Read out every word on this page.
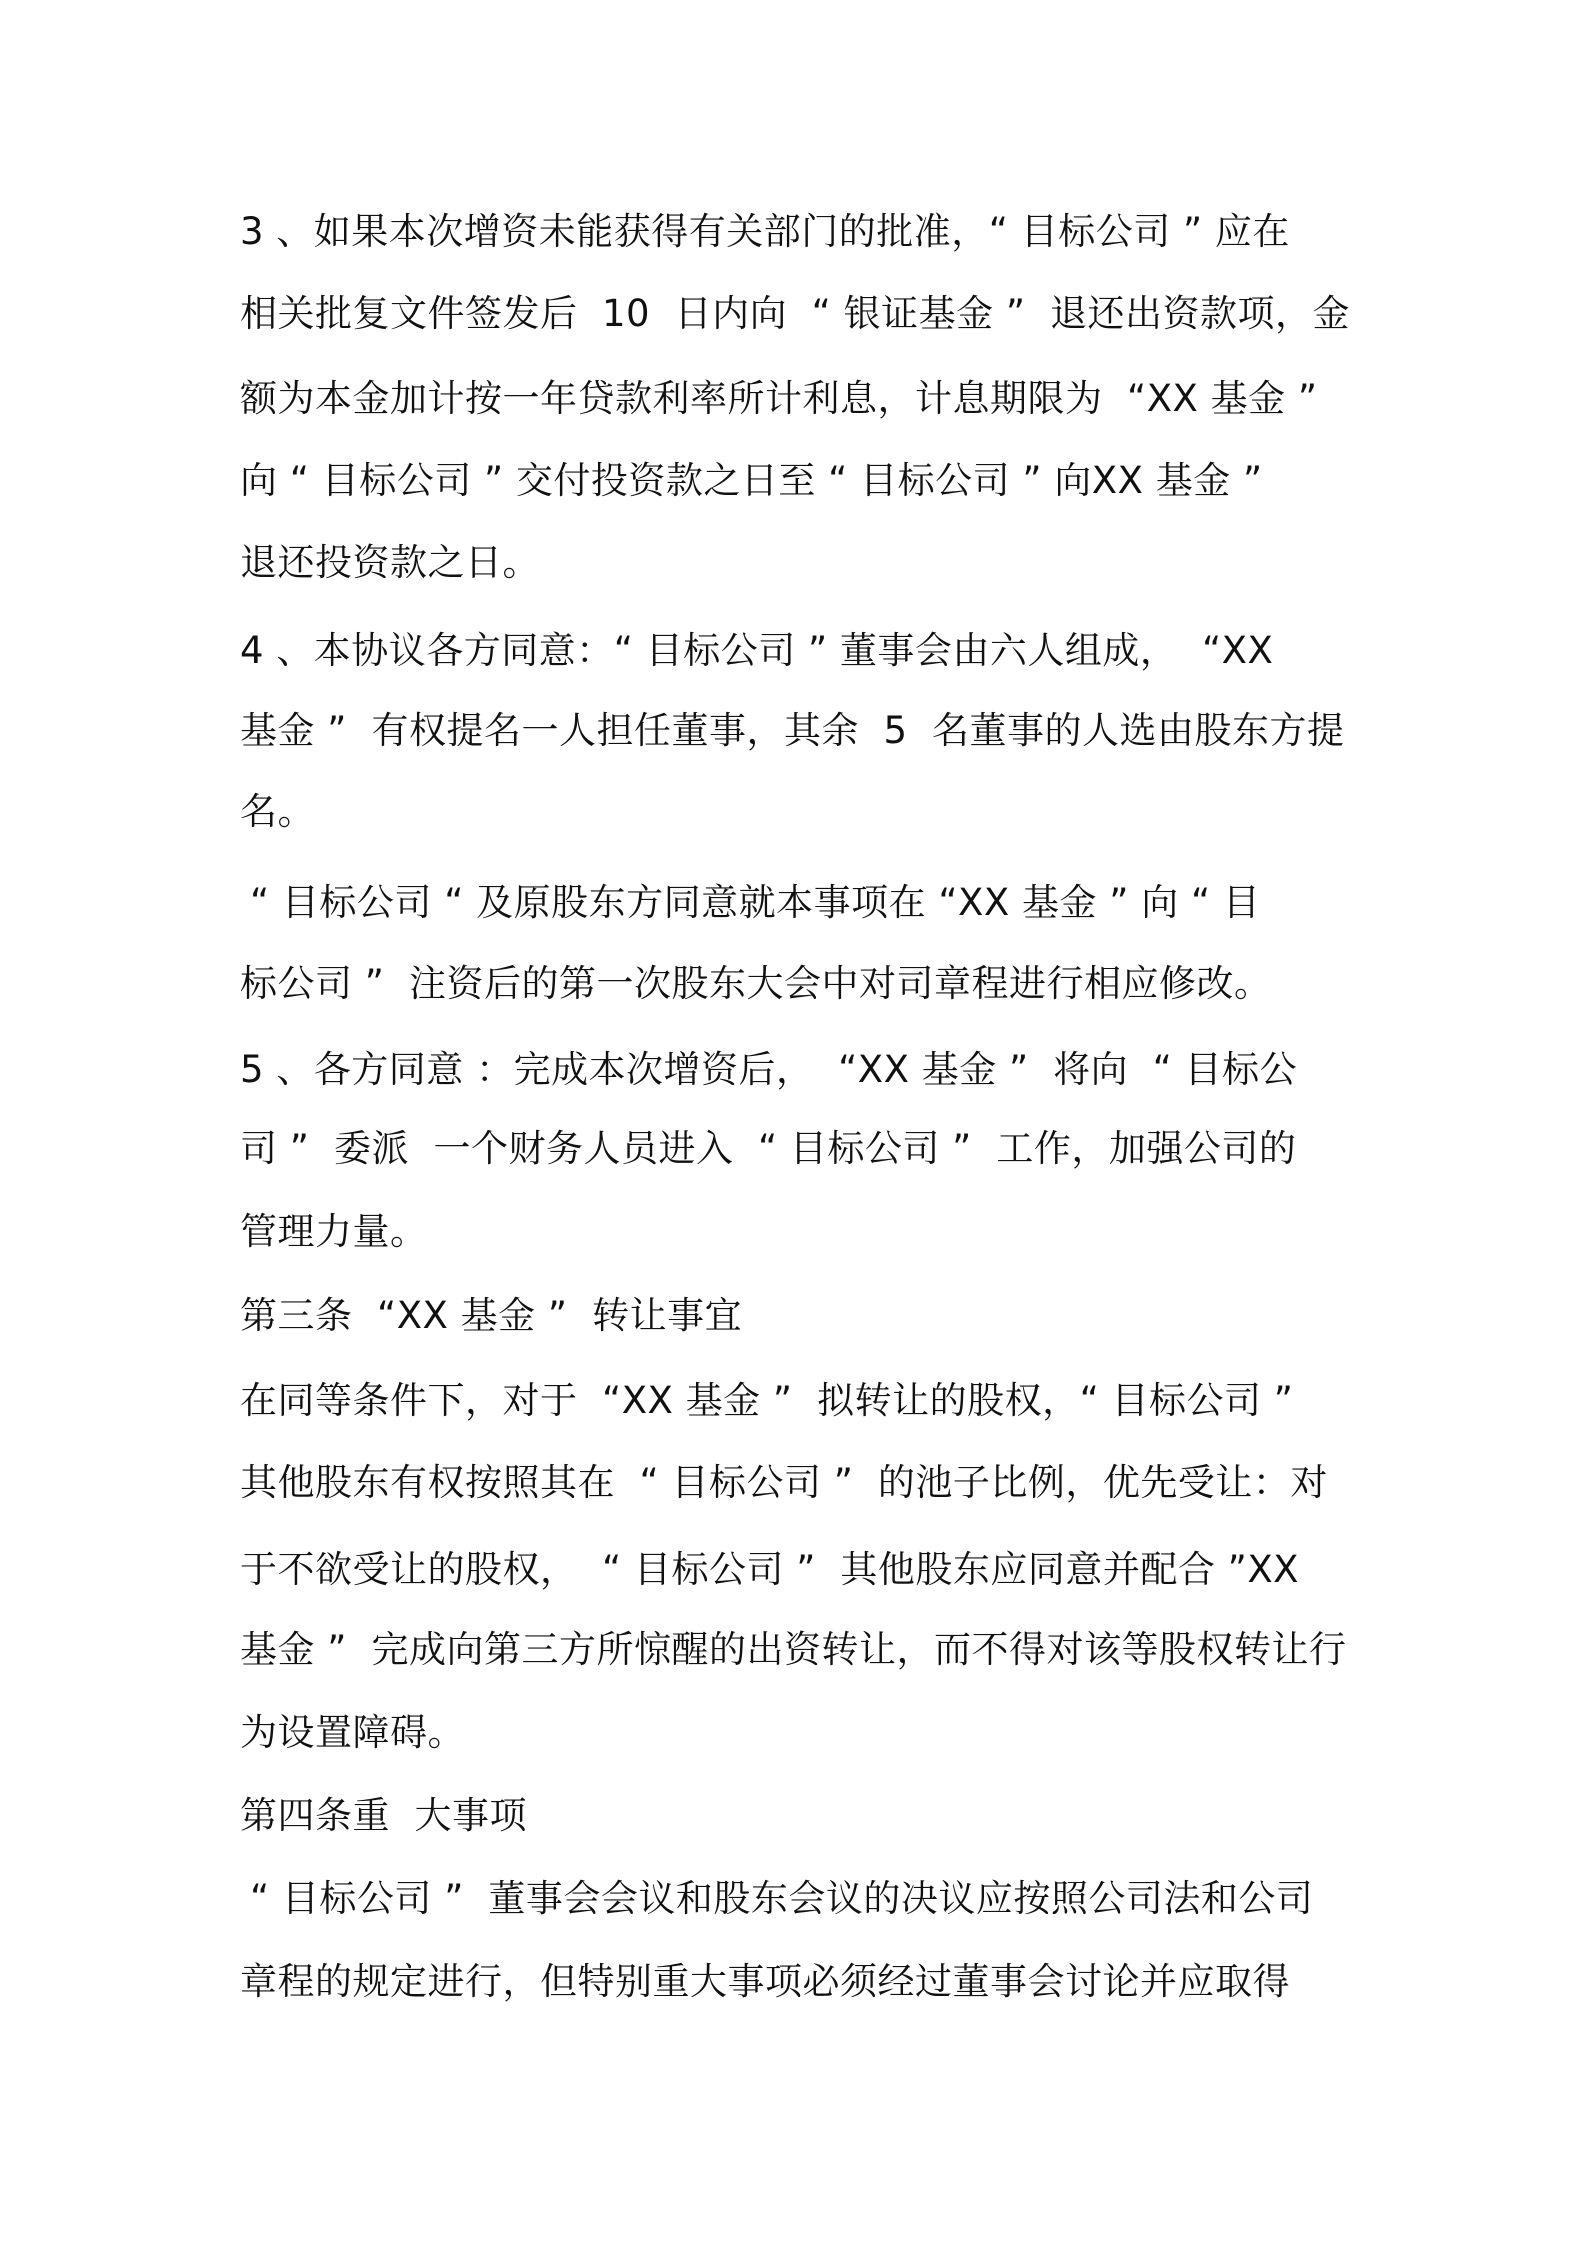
3 、如果本次增资未能获得有关部门的批准，“ 目标公司 ” 应在
相关批复文件签发后  10  日内向  “ 银证基金 ”  退还出资款项，金
额为本金加计按一年贷款利率所计利息，计息期限为  “XX 基金 ”
向 “ 目标公司 ” 交付投资款之日至 “ 目标公司 ” 向XX 基金 ”
退还投资款之日。
4 、本协议各方同意：“ 目标公司 ” 董事会由六人组成，  “XX
基金 ”  有权提名一人担任董事，其余  5  名董事的人选由股东方提
名。
“ 目标公司 “ 及原股东方同意就本事项在 “XX 基金 ” 向 “ 目
标公司 ”  注资后的第一次股东大会中对司章程进行相应修改。
5 、各方同意 ：完成本次增资后，  “XX 基金 ”  将向  “ 目标公
司 ”  委派  一个财务人员进入  “ 目标公司 ”  工作，加强公司的
管理力量。
第三条  “XX 基金 ”  转让事宜
在同等条件下，对于  “XX 基金 ”  拟转让的股权，“ 目标公司 ”
其他股东有权按照其在  “ 目标公司 ”  的池子比例，优先受让：对
于不欲受让的股权，  “ 目标公司 ”  其他股东应同意并配合 ”XX
基金 ”  完成向第三方所惊醒的出资转让，而不得对该等股权转让行
为设置障碍。
第四条重  大事项
“ 目标公司 ”  董事会会议和股东会议的决议应按照公司法和公司
章程的规定进行，但特别重大事项必须经过董事会讨论并应取得
